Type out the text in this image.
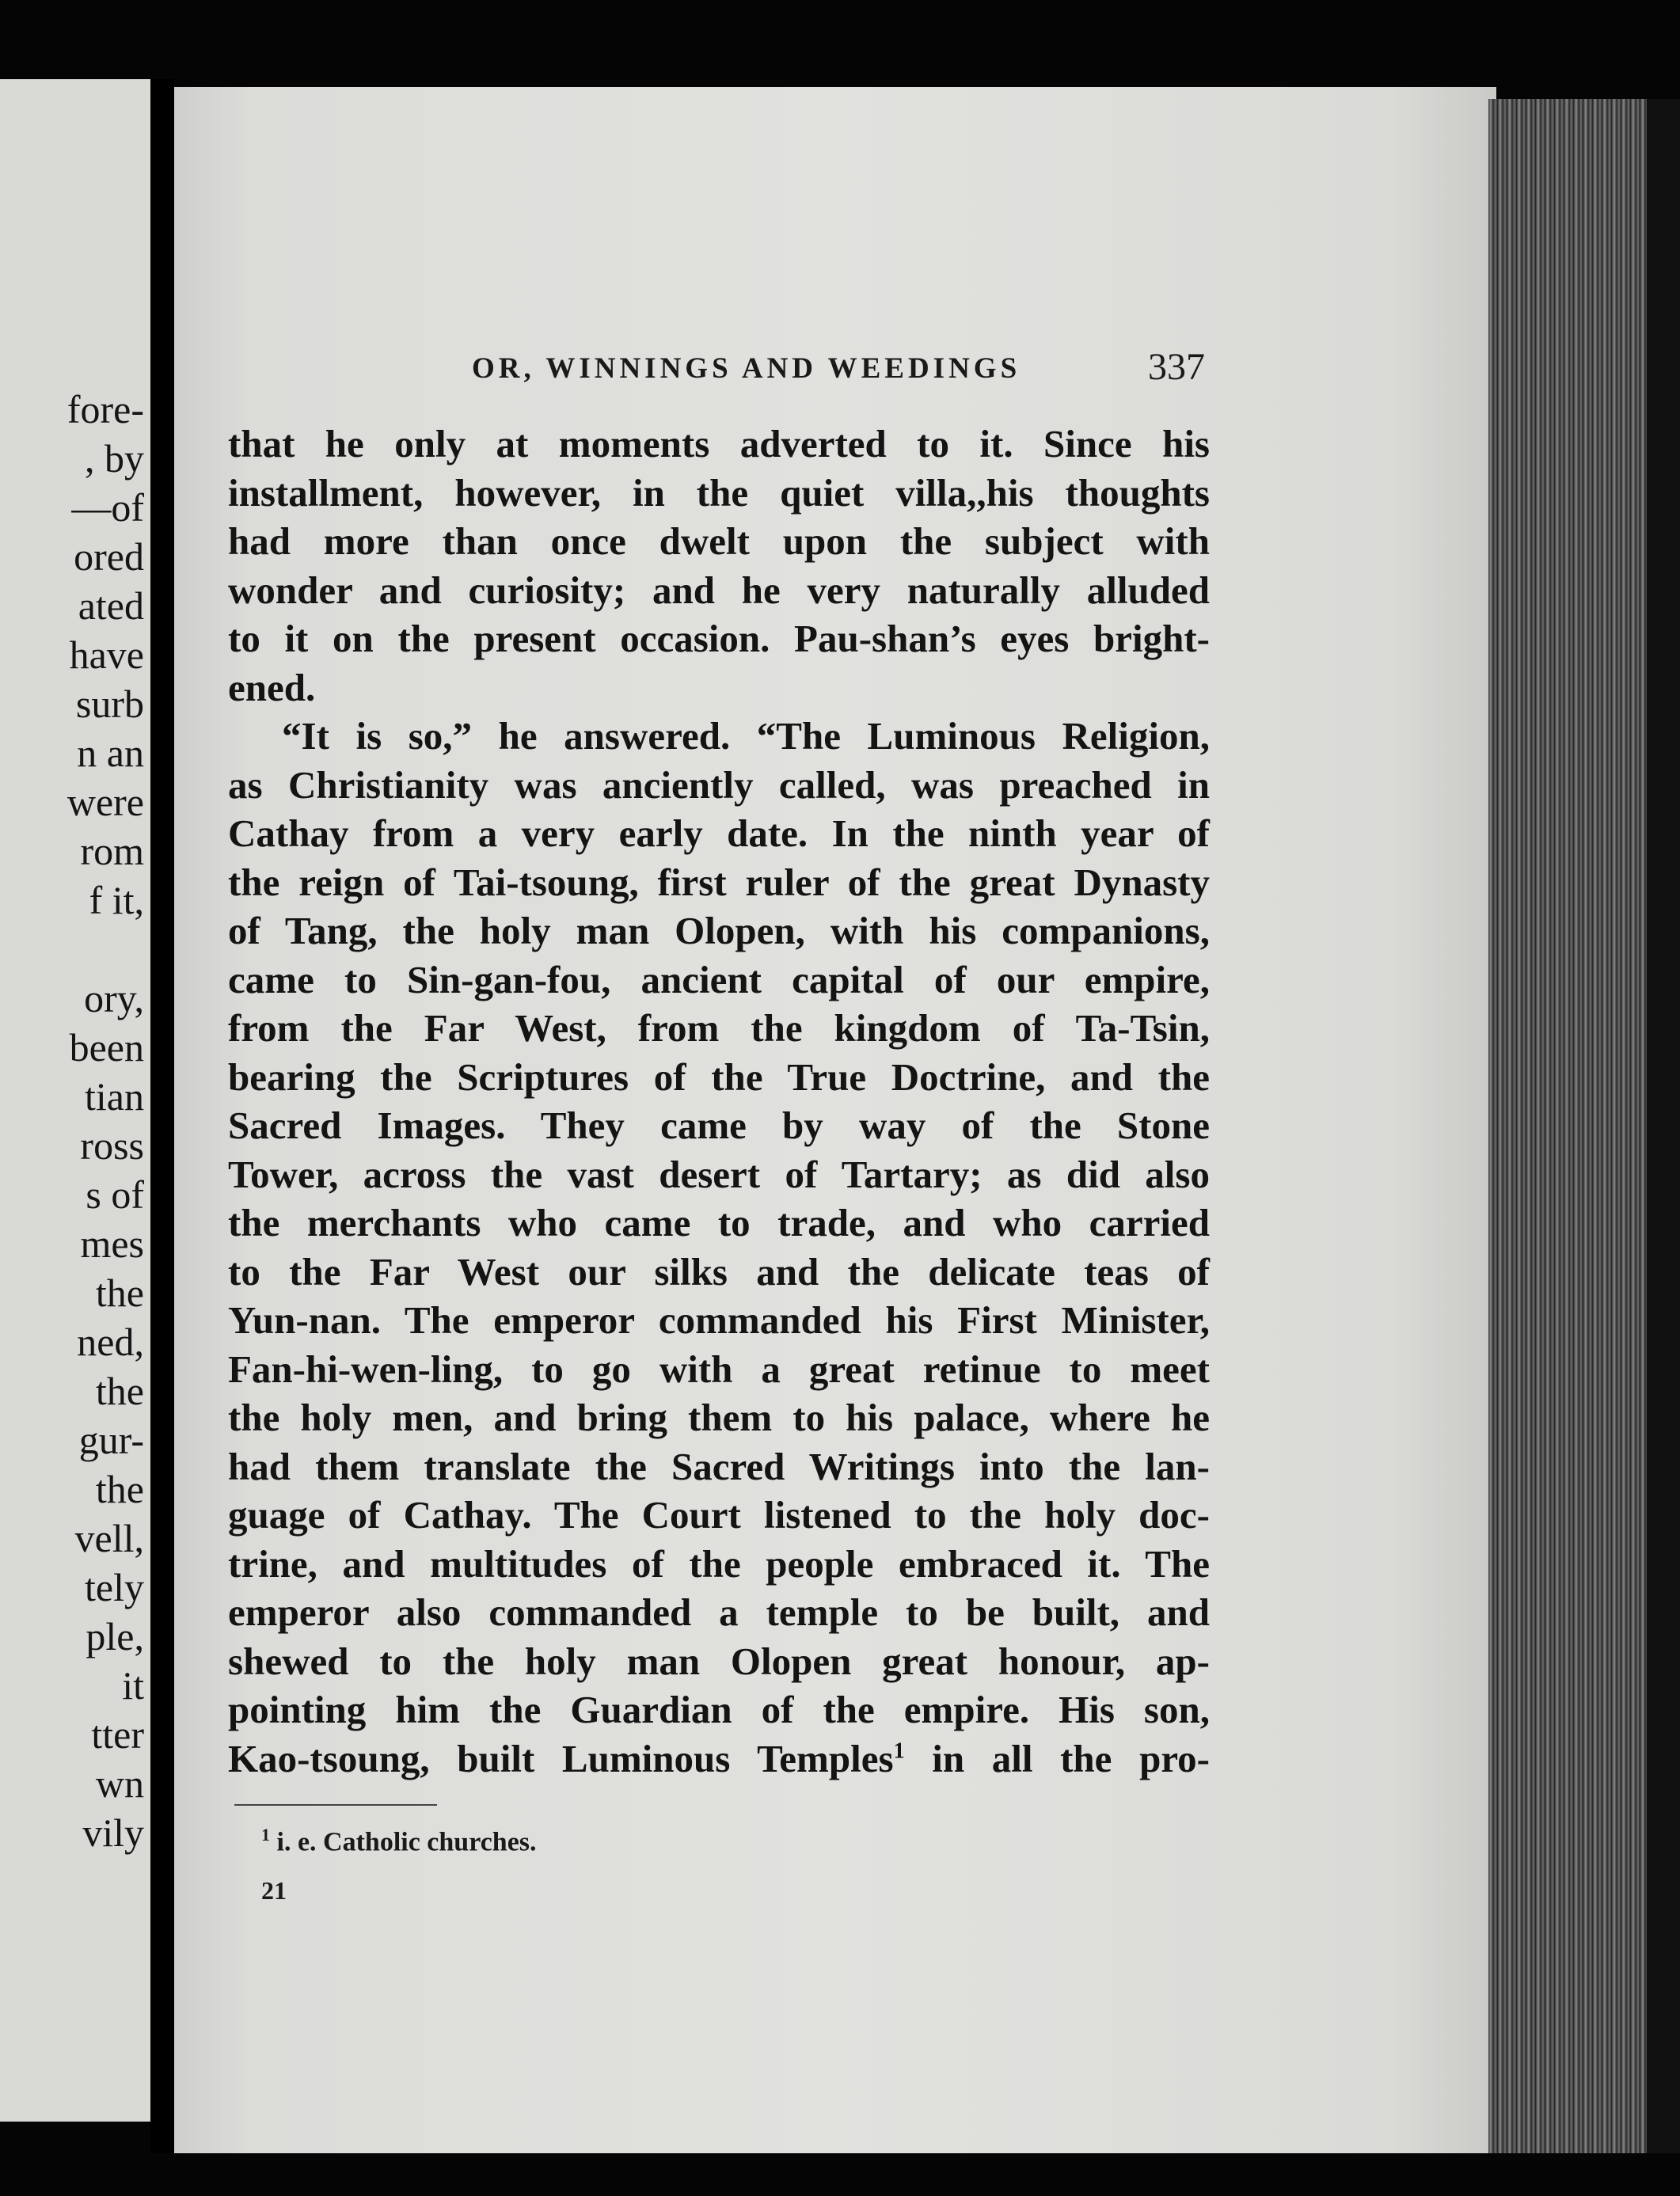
fore-
, by
—of
ored
ated
have
surb
n an
were
rom
f it,
ory,
been
tian
ross
s of
mes
the
ned,
the
gur-
the
vell,
tely
ple,
it
tter
wn
vily
OR, WINNINGS AND WEEDINGS	337
that he only at moments adverted to it. Since his
installment, however, in the quiet villa,,his thoughts
had more than once dwelt upon the subject with
wonder and curiosity; and he very naturally alluded
to it on the present occasion. Pau-shan’s eyes bright-
ened.
“It is so,” he answered. “The Luminous Religion,
as Christianity was anciently called, was preached in
Cathay from a very early date. In the ninth year of
the reign of Tai-tsoung, first ruler of the great Dynasty
of Tang, the holy man Olopen, with his companions,
came to Sin-gan-fou, ancient capital of our empire,
from the Far West, from the kingdom of Ta-Tsin,
bearing the Scriptures of the True Doctrine, and the
Sacred Images. They came by way of the Stone
Tower, across the vast desert of Tartary; as did also
the merchants who came to trade, and who carried
to the Far West our silks and the delicate teas of
Yun-nan. The emperor commanded his First Minister,
Fan-hi-wen-ling, to go with a great retinue to meet
the holy men, and bring them to his palace, where he
had them translate the Sacred Writings into the lan-
guage of Cathay. The Court listened to the holy doc-
trine, and multitudes of the people embraced it. The
emperor also commanded a temple to be built, and
shewed to the holy man Olopen great honour, ap-
pointing him the Guardian of the empire. His son,
Kao-tsoung, built Luminous Temples$^1$ in all the pro-
$^1$ i. e. Catholic churches.
21
